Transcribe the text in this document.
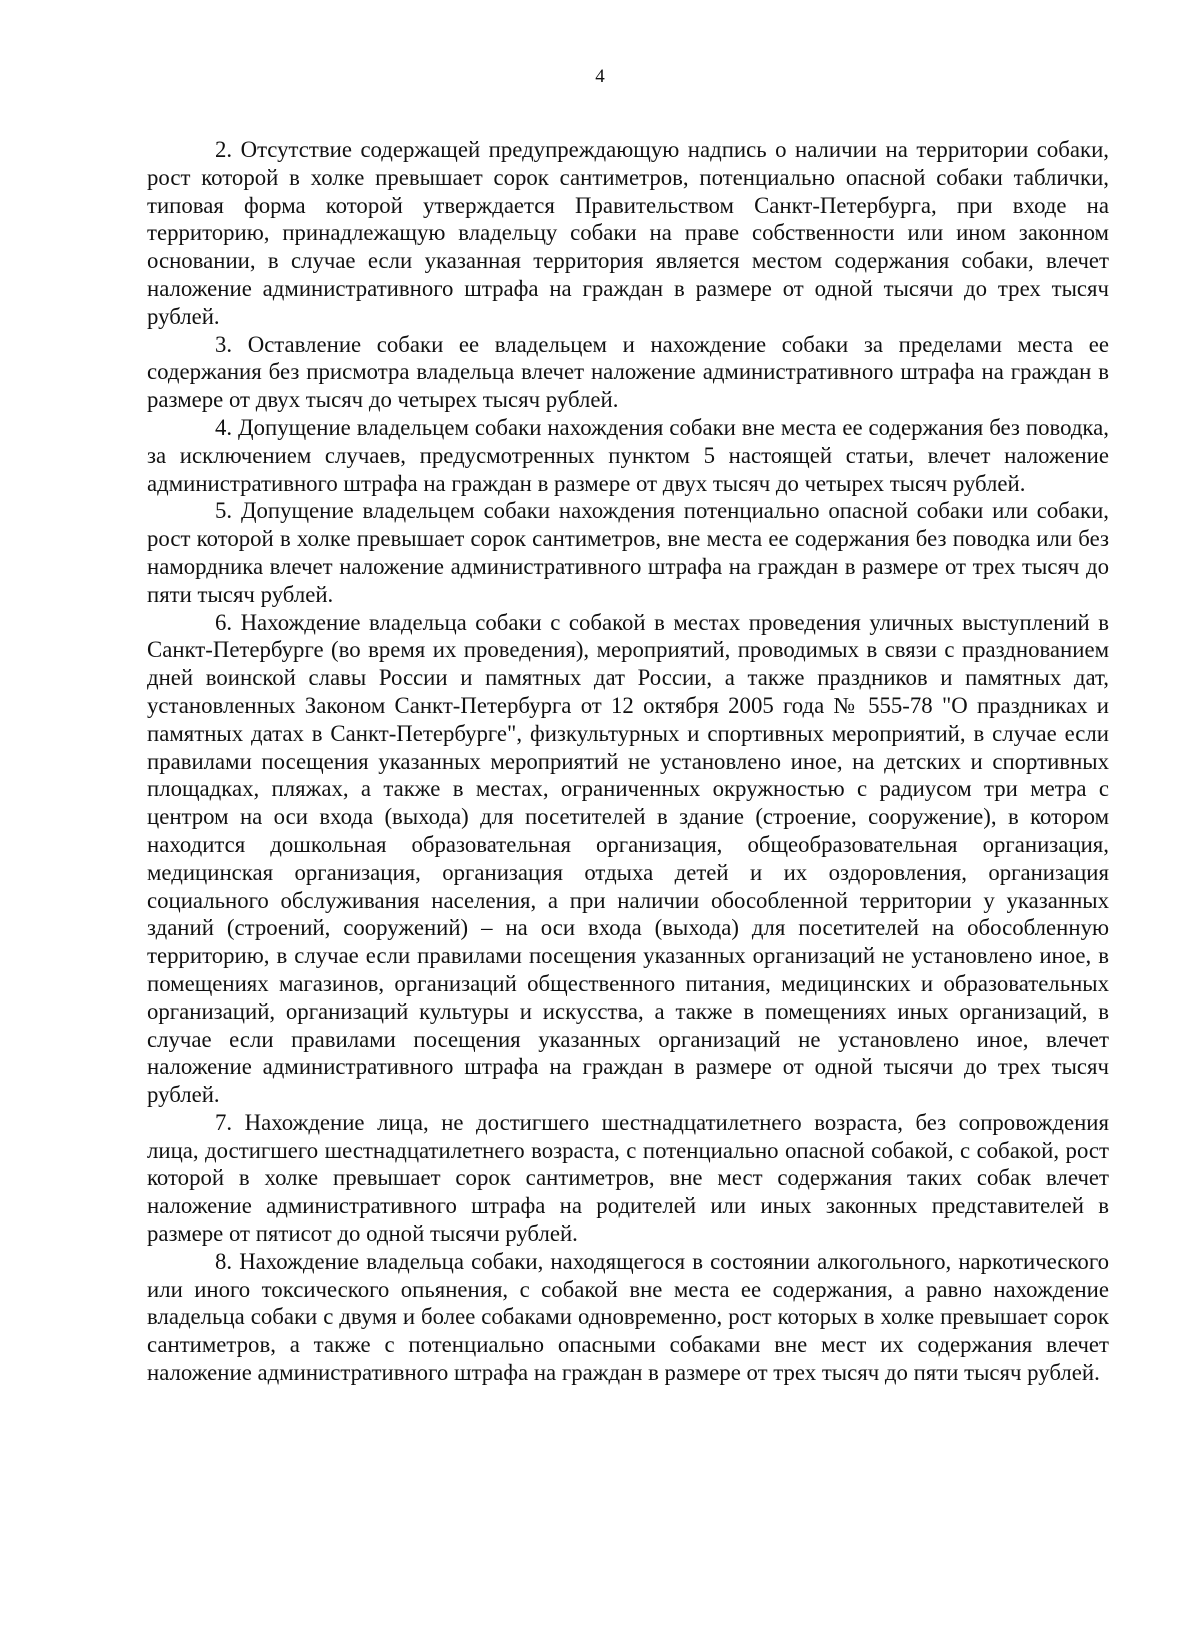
4

2. Отсутствие содержащей предупреждающую надпись о наличии на территории собаки, рост которой в холке превышает сорок сантиметров, потенциально опасной собаки таблички, типовая форма которой утверждается Правительством Санкт-Петербурга, при входе на территорию, принадлежащую владельцу собаки на праве собственности или ином законном основании, в случае если указанная территория является местом содержания собаки, влечет наложение административного штрафа на граждан в размере от одной тысячи до трех тысяч рублей.

3. Оставление собаки ее владельцем и нахождение собаки за пределами места ее содержания без присмотра владельца влечет наложение административного штрафа на граждан в размере от двух тысяч до четырех тысяч рублей.

4. Допущение владельцем собаки нахождения собаки вне места ее содержания без поводка, за исключением случаев, предусмотренных пунктом 5 настоящей статьи, влечет наложение административного штрафа на граждан в размере от двух тысяч до четырех тысяч рублей.

5. Допущение владельцем собаки нахождения потенциально опасной собаки или собаки, рост которой в холке превышает сорок сантиметров, вне места ее содержания без поводка или без намордника влечет наложение административного штрафа на граждан в размере от трех тысяч до пяти тысяч рублей.

6. Нахождение владельца собаки с собакой в местах проведения уличных выступлений в Санкт-Петербурге (во время их проведения), мероприятий, проводимых в связи с празднованием дней воинской славы России и памятных дат России, а также праздников и памятных дат, установленных Законом Санкт-Петербурга от 12 октября 2005 года № 555-78 "О праздниках и памятных датах в Санкт-Петербурге", физкультурных и спортивных мероприятий, в случае если правилами посещения указанных мероприятий не установлено иное, на детских и спортивных площадках, пляжах, а также в местах, ограниченных окружностью с радиусом три метра с центром на оси входа (выхода) для посетителей в здание (строение, сооружение), в котором находится дошкольная образовательная организация, общеобразовательная организация, медицинская организация, организация отдыха детей и их оздоровления, организация социального обслуживания населения, а при наличии обособленной территории у указанных зданий (строений, сооружений) – на оси входа (выхода) для посетителей на обособленную территорию, в случае если правилами посещения указанных организаций не установлено иное, в помещениях магазинов, организаций общественного питания, медицинских и образовательных организаций, организаций культуры и искусства, а также в помещениях иных организаций, в случае если правилами посещения указанных организаций не установлено иное, влечет наложение административного штрафа на граждан в размере от одной тысячи до трех тысяч рублей.

7. Нахождение лица, не достигшего шестнадцатилетнего возраста, без сопровождения лица, достигшего шестнадцатилетнего возраста, с потенциально опасной собакой, с собакой, рост которой в холке превышает сорок сантиметров, вне мест содержания таких собак влечет наложение административного штрафа на родителей или иных законных представителей в размере от пятисот до одной тысячи рублей.

8. Нахождение владельца собаки, находящегося в состоянии алкогольного, наркотического или иного токсического опьянения, с собакой вне места ее содержания, а равно нахождение владельца собаки с двумя и более собаками одновременно, рост которых в холке превышает сорок сантиметров, а также с потенциально опасными собаками вне мест их содержания влечет наложение административного штрафа на граждан в размере от трех тысяч до пяти тысяч рублей.
